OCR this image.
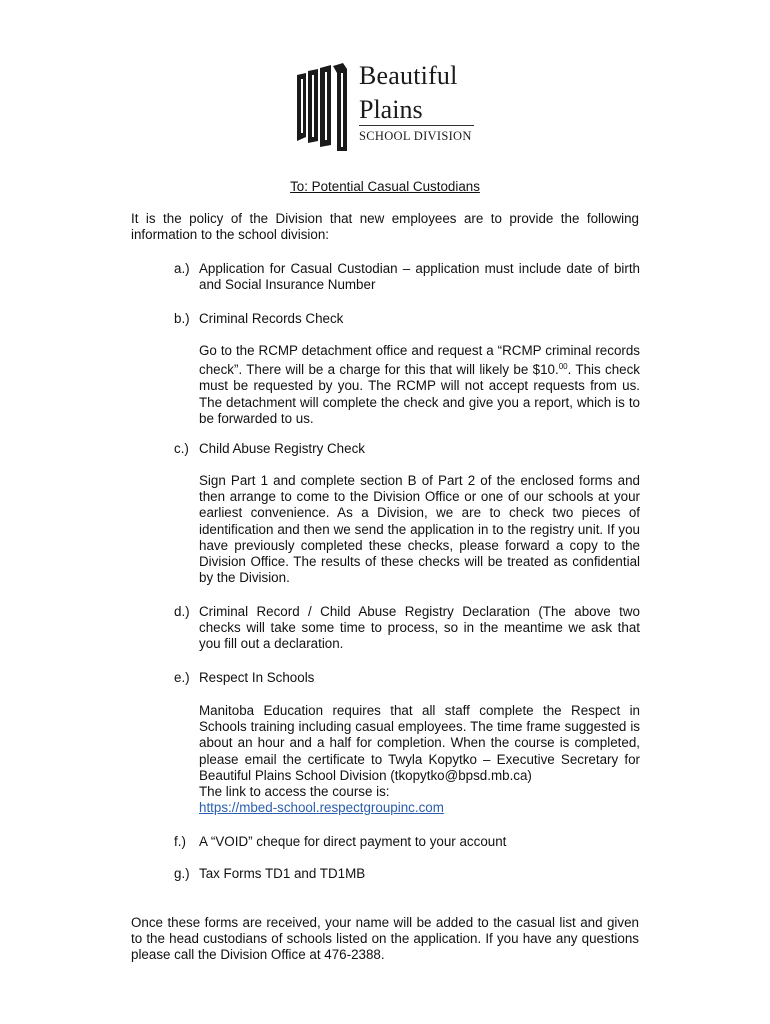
Beautiful
Plains
SCHOOL DIVISION
To: Potential Casual Custodians
It is the policy of the Division that new employees are to provide the following information to the school division:
a.) Application for Casual Custodian – application must include date of birth and Social Insurance Number
b.) Criminal Records Check
Go to the RCMP detachment office and request a “RCMP criminal records check”. There will be a charge for this that will likely be $10.00. This check must be requested by you. The RCMP will not accept requests from us. The detachment will complete the check and give you a report, which is to be forwarded to us.
c.) Child Abuse Registry Check
Sign Part 1 and complete section B of Part 2 of the enclosed forms and then arrange to come to the Division Office or one of our schools at your earliest convenience. As a Division, we are to check two pieces of identification and then we send the application in to the registry unit. If you have previously completed these checks, please forward a copy to the Division Office. The results of these checks will be treated as confidential by the Division.
d.) Criminal Record / Child Abuse Registry Declaration (The above two checks will take some time to process, so in the meantime we ask that you fill out a declaration.
e.) Respect In Schools
Manitoba Education requires that all staff complete the Respect in Schools training including casual employees. The time frame suggested is about an hour and a half for completion. When the course is completed, please email the certificate to Twyla Kopytko – Executive Secretary for Beautiful Plains School Division (tkopytko@bpsd.mb.ca)
The link to access the course is:
https://mbed-school.respectgroupinc.com
f.) A “VOID” cheque for direct payment to your account
g.) Tax Forms TD1 and TD1MB
Once these forms are received, your name will be added to the casual list and given to the head custodians of schools listed on the application. If you have any questions please call the Division Office at 476-2388.
